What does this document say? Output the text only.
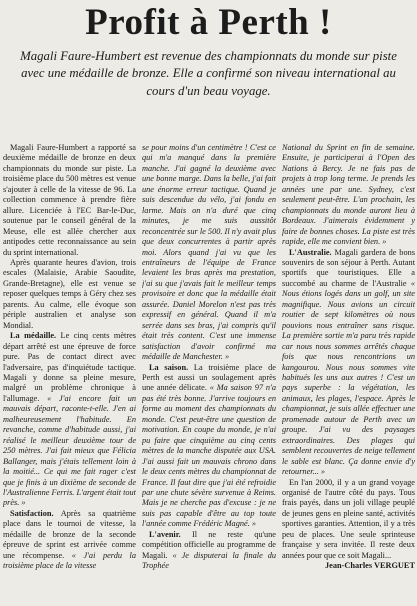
Profit à Perth !
Magali Faure-Humbert est revenue des championnats du monde sur piste avec une médaille de bronze. Elle a confirmé son niveau international au cours d'un beau voyage.

Magali Faure-Humbert a rapporté sa deuxième médaille de bronze en deux championnats du monde sur piste. La troisième place du 500 mètres est venue s'ajouter à celle de la vitesse de 96. La collection commence à prendre fière allure. Licenciée à l'EC Bar-le-Duc, soutenue par le conseil général de la Meuse, elle est allée chercher aux antipodes cette reconnaissance au sein du sprint international.

Après quarante heures d'avion, trois escales (Malaisie, Arabie Saoudite, Grande-Bretagne), elle est venue se reposer quelques temps à Géry chez ses parents. Au calme, elle évoque son périple australien et analyse son Mondial.

La médaille. Le cinq cents mètres départ arrêté est une épreuve de force pure. Pas de contact direct avec l'adversaire, pas d'inquiétude tactique. Magali y donne sa pleine mesure, malgré un problème chronique à l'allumage. « J'ai encore fait un mauvais départ, raconte-t-elle. J'en ai malheureusement l'habitude. En revanche, comme d'habitude aussi, j'ai réalisé le meilleur deuxième tour de 250 mètres. J'ai fait mieux que Félicia Ballanger, mais j'étais tellement loin à la moitié... Ce qui me fait rager c'est que je finis à un dixième de seconde de l'Australienne Ferris. L'argent était tout près. »

Satisfaction. Après sa quatrième place dans le tournoi de vitesse, la médaille de bronze de la seconde épreuve de sprint est arrivée comme une récompense. « J'ai perdu la troisième place de la vitesse

se pour moins d'un centimètre ! C'est ce qui m'a manqué dans la première manche. J'ai gagné la deuxième avec une bonne marge. Dans la belle, j'ai fait une énorme erreur tactique. Quand je suis descendue du vélo, j'ai fondu en larme. Mais on n'a duré que cinq minutes, je me suis aussitôt reconcentrée sur le 500. Il n'y avait plus que deux concurrentes à partir après moi. Alors quand j'ai vu que les entraîneurs de l'équipe de France levaient les bras après ma prestation, j'ai su que j'avais fait le meilleur temps provisoire et donc que la médaille était assurée. Daniel Morelon n'est pas très expressif en général. Quand il m'a serrée dans ses bras, j'ai compris qu'il était très content. C'est une immense satisfaction d'avoir confirmé ma médaille de Manchester. »

La saison. La troisième place de Perth est aussi un soulagement après une année délicate. « Ma saison 97 n'a pas été très bonne. J'arrive toujours en forme au moment des championnats du monde. C'est peut-être une question de motivation. En coupe du monde, je n'ai pu faire que cinquième au cinq cents mètres de la manche disputée aux USA. J'ai aussi fait un mauvais chrono dans le deux cents mètres du championnat de France. Il faut dire que j'ai été refroidie par une chute sévère survenue à Reims. Mais je ne cherche pas d'excuse : je ne suis pas capable d'être au top toute l'année comme Frédéric Magné. »

L'avenir. Il ne reste qu'une compétition officielle au programme de Magali. « Je disputerai la finale du Trophée

National du Sprint en fin de semaine. Ensuite, je participerai à l'Open des Nations à Bercy. Je ne fais pas de projets à trop long terme. Je prends les années une par une. Sydney, c'est seulement peut-être. L'an prochain, les championnats du monde auront lieu à Bordeaux. J'aimerais évidemment y faire de bonnes choses. La piste est très rapide, elle me convient bien. »

L'Australie. Magali gardera de bons souvenirs de son séjour à Perth. Autant sportifs que touristiques. Elle a succombé au charme de l'Australie « Nous étions logés dans un golf, un site magnifique. Nous avions un circuit routier de sept kilomètres où nous pouvions nous entraîner sans risque. La première sortie m'a paru très rapide car nous nous sommes arrêtés chaque fois que nous rencontrions un kangourou. Nous nous sommes vite habitués les uns aux autres ! C'est un pays superbe : la végétation, les animaux, les plages, l'espace. Après le championnat, je suis allée effectuer une promenade autour de Perth avec un groupe. J'ai vu des paysages extraordinaires. Des plages qui semblent recouvertes de neige tellement le sable est blanc. Ça donne envie d'y retourner... »

En l'an 2000, il y a un grand voyage organisé de l'autre côté du pays. Tous frais payés, dans un joli village peuplé de jeunes gens en pleine santé, activités sportives garanties. Attention, il y a très peu de places. Une seule sprinteuse française y sera invitée. Il reste deux années pour que ce soit Magali...

Jean-Charles VERGUET
